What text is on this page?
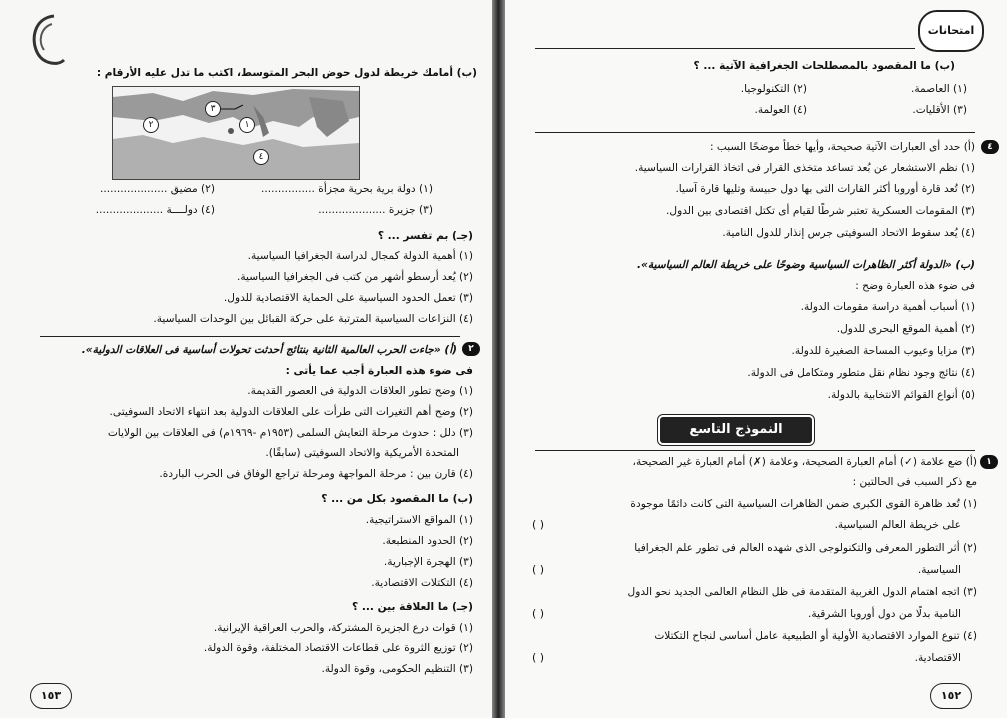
(ب) أمامك خريطة لدول حوض البحر المتوسط، اكتب ما تدل عليه الأرقام :
٣
١
٢
٤
(١) دولة برية بحرية مجزأة ................
(٢) مضيق ....................
(٣) جزيرة ....................
(٤) دولــــة ....................
(جـ) بم تفسر ... ؟
(١) أهمية الدولة كمجال لدراسة الجغرافيا السياسية.
(٢) يُعد أرسطو أشهر من كتب فى الجغرافيا السياسية.
(٣) تعمل الحدود السياسية على الحماية الاقتصادية للدول.
(٤) النزاعات السياسية المترتبة على حركة القبائل بين الوحدات السياسية.
٢
(أ) «جاءت الحرب العالمية الثانية بنتائج أحدثت تحولات أساسية فى العلاقات الدولية».
فى ضوء هذه العبارة أجب عما يأتى :
(١) وضح تطور العلاقات الدولية فى العصور القديمة.
(٢) وضح أهم التغيرات التى طرأت على العلاقات الدولية بعد انتهاء الاتحاد السوفيتى.
(٣) دلل : حدوث مرحلة التعايش السلمى (١٩٥٣م -١٩٦٩م) فى العلاقات بين الولايات
المتحدة الأمريكية والاتحاد السوفيتى (سابقًا).
(٤) قارن بين : مرحلة المواجهة ومرحلة تراجع الوفاق فى الحرب الباردة.
(ب) ما المقصود بكل من ... ؟
(١) المواقع الاستراتيجية.
(٢) الحدود المنطبعة.
(٣) الهجرة الإجبارية.
(٤) التكتلات الاقتصادية.
(جـ) ما العلاقة بين ... ؟
(١) قوات درع الجزيرة المشتركة، والحرب العراقية الإيرانية.
(٢) توزيع الثروة على قطاعات الاقتصاد المختلفة، وقوة الدولة.
(٣) التنظيم الحكومى، وقوة الدولة.
١٥٣
امتحانات
(ب) ما المقصود بالمصطلحات الجغرافية الآتية ... ؟
(١) العاصمة.
(٢) التكنولوجيا.
(٣) الأقليات.
(٤) العولمة.
٤
(أ) حدد أى العبارات الآتية صحيحة، وأيها خطأ موضحًا السبب :
(١) نظم الاستشعار عن بُعد تساعد متخذى القرار فى اتخاذ القرارات السياسية.
(٢) تُعد قارة أوروبا أكثر القارات التى بها دول حبيسة وتليها قارة آسيا.
(٣) المقومات العسكرية تعتبر شرطًا لقيام أى تكتل اقتصادى بين الدول.
(٤) يُعد سقوط الاتحاد السوفيتى جرس إنذار للدول النامية.
(ب) «الدولة أكثر الظاهرات السياسية وضوحًا على خريطة العالم السياسية».
فى ضوء هذه العبارة وضح :
(١) أسباب أهمية دراسة مقومات الدولة.
(٢) أهمية الموقع البحرى للدول.
(٣) مزايا وعيوب المساحة الصغيرة للدولة.
(٤) نتائج وجود نظام نقل متطور ومتكامل فى الدولة.
(٥) أنواع القوائم الانتخابية بالدولة.
النموذج التاسع
١
(أ) ضع علامة (✓) أمام العبارة الصحيحة، وعلامة (✗) أمام العبارة غير الصحيحة،
مع ذكر السبب فى الحالتين :
(١) تُعد ظاهرة القوى الكبرى ضمن الظاهرات السياسية التى كانت دائمًا موجودة
على خريطة العالم السياسية.
(٢) أثر التطور المعرفى والتكنولوجى الذى شهده العالم فى تطور علم الجغرافيا
السياسية.
(٣) اتجه اهتمام الدول الغربية المتقدمة فى ظل النظام العالمى الجديد نحو الدول
النامية بدلًا من دول أوروبا الشرقية.
(٤) تنوع الموارد الاقتصادية الأولية أو الطبيعية عامل أساسى لنجاح التكتلات
الاقتصادية.
( )
( )
( )
( )
١٥٢
